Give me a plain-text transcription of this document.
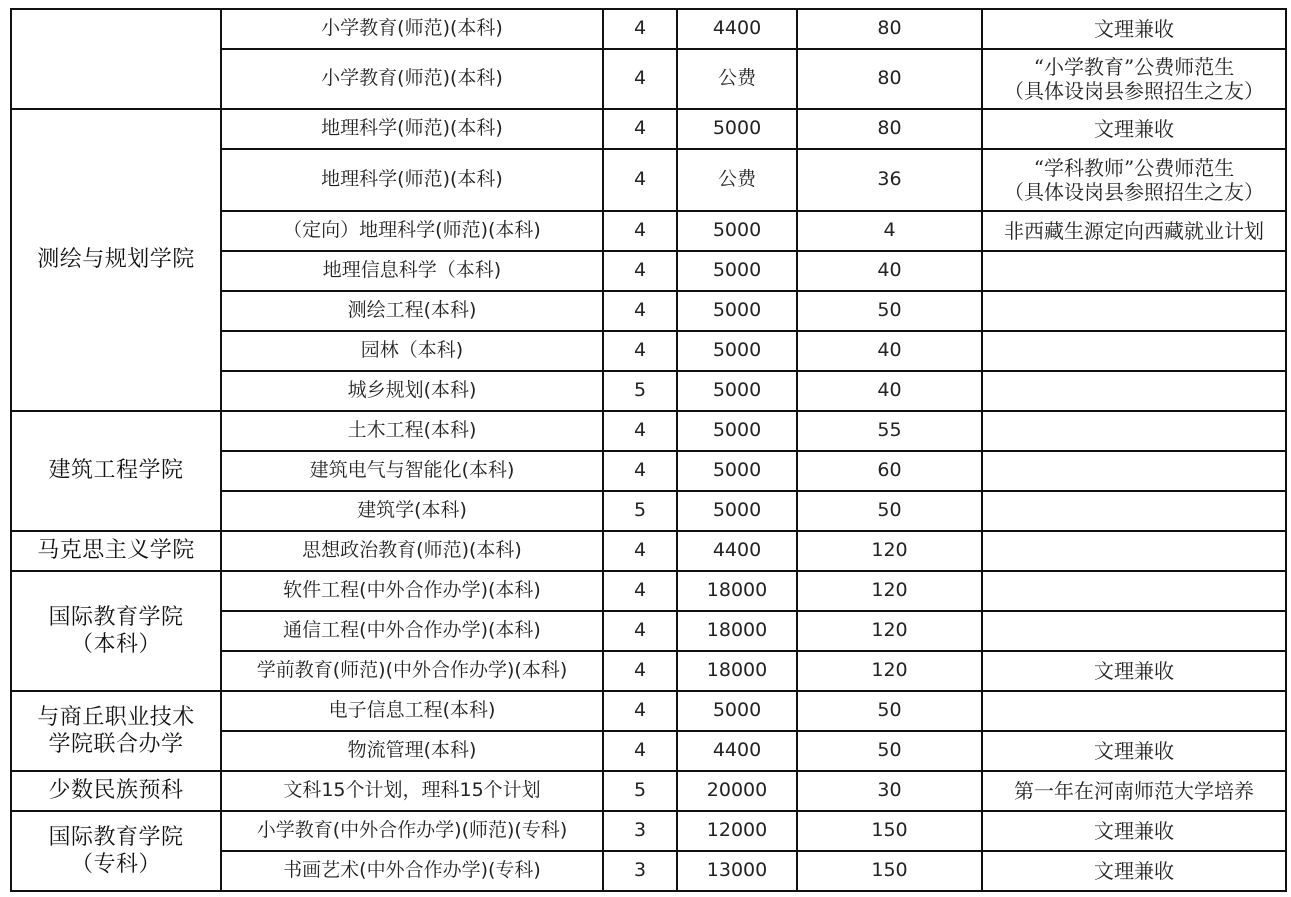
	小学教育(师范)(本科)	4	4400	80	文理兼收

	小学教育(师范)(本科)	4	公费	80	“小学教育”公费师范生
（具体设岗县参照招生之友）

测绘与规划学院	地理科学(师范)(本科)	4	5000	80	文理兼收

	地理科学(师范)(本科)	4	公费	36	“学科教师”公费师范生
（具体设岗县参照招生之友）

	（定向）地理科学(师范)(本科)	4	5000	4	非西藏生源定向西藏就业计划

	地理信息科学（本科)	4	5000	40	
	测绘工程(本科)	4	5000	50	
	园林（本科)	4	5000	40	
	城乡规划(本科)	5	5000	40	

建筑工程学院	土木工程(本科)	4	5000	55	
	建筑电气与智能化(本科)	4	5000	60	
	建筑学(本科)	5	5000	50	

马克思主义学院	思想政治教育(师范)(本科)	4	4400	120	

国际教育学院
（本科）	软件工程(中外合作办学)(本科)	4	18000	120	
	通信工程(中外合作办学)(本科)	4	18000	120	
	学前教育(师范)(中外合作办学)(本科)	4	18000	120	文理兼收

与商丘职业技术
学院联合办学	电子信息工程(本科)	4	5000	50	
	物流管理(本科)	4	4400	50	文理兼收

少数民族预科	文科15个计划，理科15个计划	5	20000	30	第一年在河南师范大学培养

国际教育学院
（专科）	小学教育(中外合作办学)(师范)(专科)	3	12000	150	文理兼收

	书画艺术(中外合作办学)(专科)	3	13000	150	文理兼收
